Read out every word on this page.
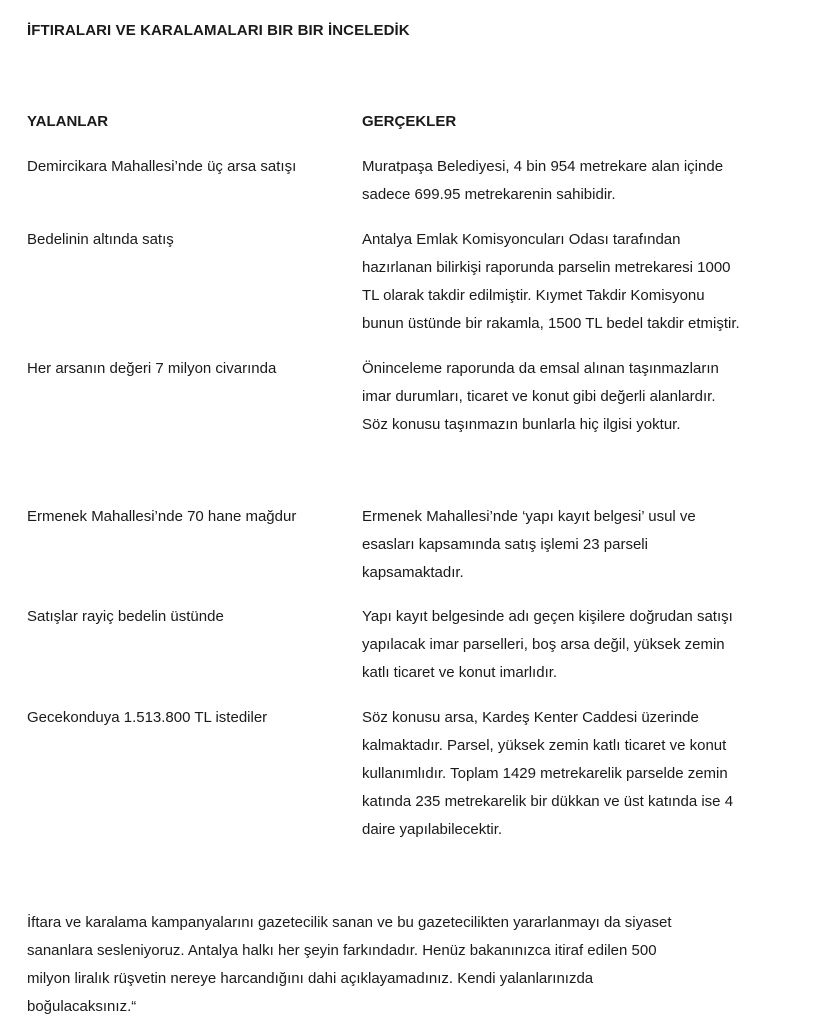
İFTIRALARI VE KARALAMALARI BIR BIR İNCELEDİK
YALANLAR	GERÇEKLER
Demircikara Mahallesi’nde üç arsa satışı	Muratpaşa Belediyesi, 4 bin 954 metrekare alan içinde
sadece 699.95 metrekarenin sahibidir.
Bedelinin altında satış	Antalya Emlak Komisyoncuları Odası tarafından
hazırlanan bilirkişi raporunda parselin metrekaresi 1000
TL olarak takdir edilmiştir. Kıymet Takdir Komisyonu
bunun üstünde bir rakamla, 1500 TL bedel takdir etmiştir.
Her arsanın değeri 7 milyon civarında	Öninceleme raporunda da emsal alınan taşınmazların
imar durumları, ticaret ve konut gibi değerli alanlardır.
Söz konusu taşınmazın bunlarla hiç ilgisi yoktur.
Ermenek Mahallesi’nde 70 hane mağdur	Ermenek Mahallesi’nde ‘yapı kayıt belgesi’ usul ve
esasları kapsamında satış işlemi 23 parseli
kapsamaktadır.
Satışlar rayiç bedelin üstünde	Yapı kayıt belgesinde adı geçen kişilere doğrudan satışı
yapılacak imar parselleri, boş arsa değil, yüksek zemin
katlı ticaret ve konut imarlıdır.
Gecekonduya 1.513.800 TL istediler	Söz konusu arsa, Kardeş Kenter Caddesi üzerinde
kalmaktadır. Parsel, yüksek zemin katlı ticaret ve konut
kullanımlıdır. Toplam 1429 metrekarelik parselde zemin
katında 235 metrekarelik bir dükkan ve üst katında ise 4
daire yapılabilecektir.
İftara ve karalama kampanyalarını gazetecilik sanan ve bu gazetecilikten yararlanmayı da siyaset
sananlara sesleniyoruz. Antalya halkı her şeyin farkındadır. Henüz bakanınızca itiraf edilen 500
milyon liralık rüşvetin nereye harcandığını dahi açıklayamadınız. Kendi yalanlarınızda
boğulacaksınız.“
